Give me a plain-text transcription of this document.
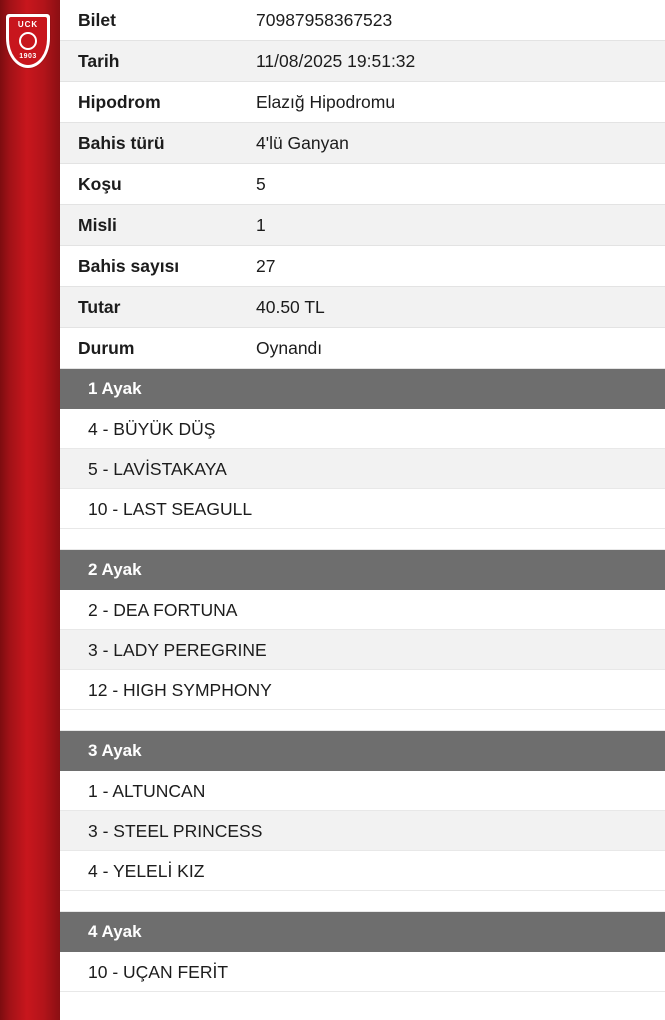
UCK
1903
Bilet	70987958367523
Tarih	11/08/2025 19:51:32
Hipodrom	Elazığ Hipodromu
Bahis türü	4'lü Ganyan
Koşu	5
Misli	1
Bahis sayısı	27
Tutar	40.50 TL
Durum	Oynandı
1 Ayak
4 - BÜYÜK DÜŞ
5 - LAVİSTAKAYA
10 - LAST SEAGULL
2 Ayak
2 - DEA FORTUNA
3 - LADY PEREGRINE
12 - HIGH SYMPHONY
3 Ayak
1 - ALTUNCAN
3 - STEEL PRINCESS
4 - YELELİ KIZ
4 Ayak
10 - UÇAN FERİT
